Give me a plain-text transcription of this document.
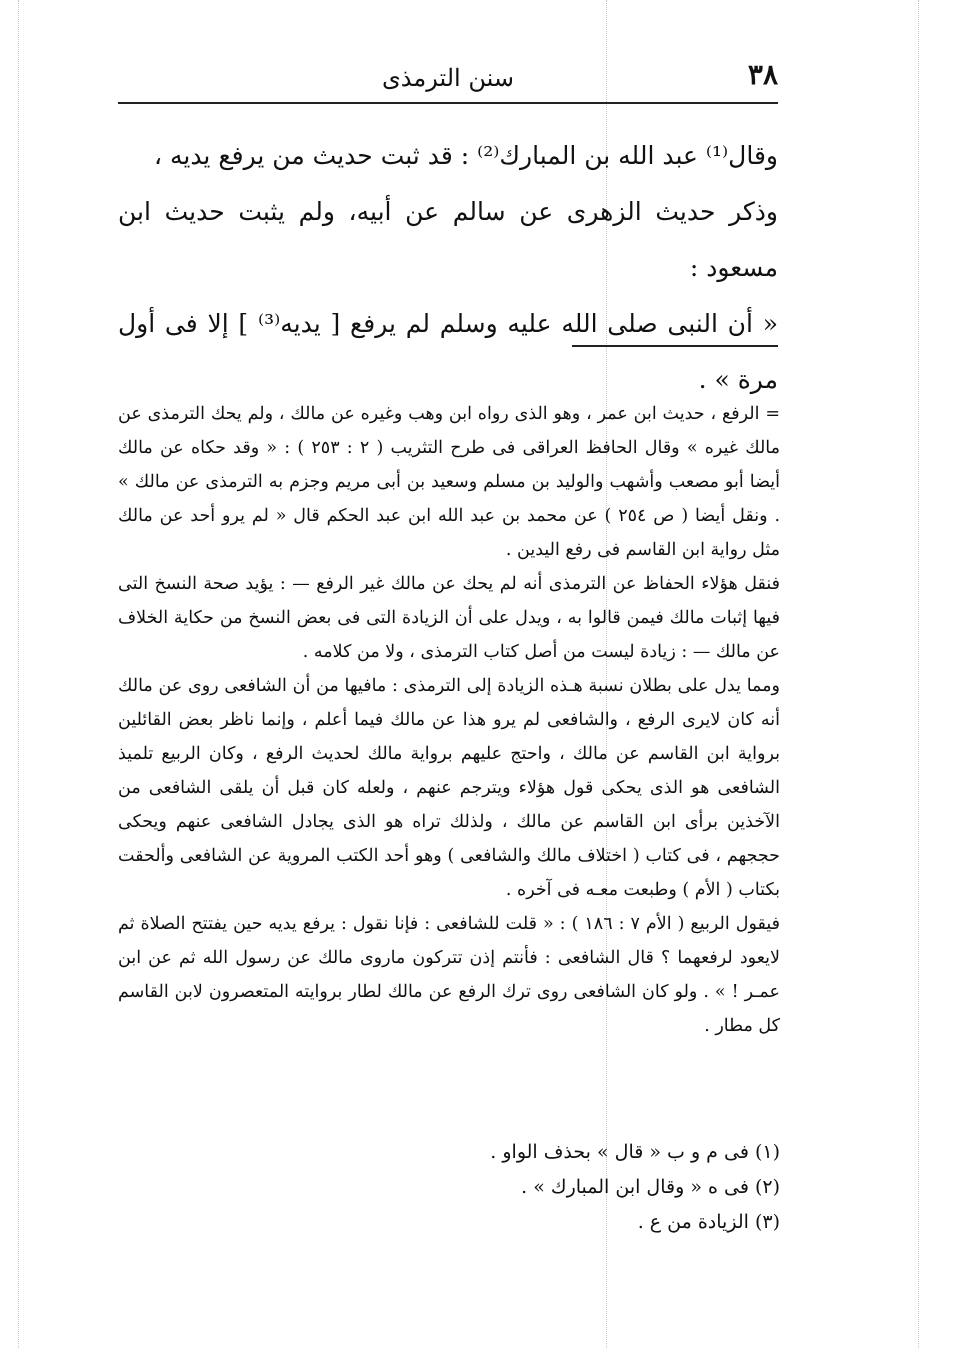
٣٨
سنن الترمذى

وقال⁽¹⁾ عبد الله بن المبارك⁽²⁾ : قد ثبت حديث من يرفع يديه ،

وذكر حديث الزهرى عن سالم عن أبيه، ولم يثبت حديث ابن مسعود :

« أن النبى صلى الله عليه وسلم لم يرفع [ يديه⁽³⁾ ] إلا فى أول مرة » .

= الرفع ، حديث ابن عمر ، وهو الذى رواه ابن وهب وغيره عن مالك ، ولم يحك الترمذى عن مالك غيره » وقال الحافظ العراقى فى طرح التثريب ( ٢ : ٢٥٣ ) : « وقد حكاه عن مالك أيضا أبو مصعب وأشهب والوليد بن مسلم وسعيد بن أبى مريم وجزم به الترمذى عن مالك » . ونقل أيضا ( ص ٢٥٤ ) عن محمد بن عبد الله ابن عبد الحكم قال « لم يرو أحد عن مالك مثل رواية ابن القاسم فى رفع اليدين .

فنقل هؤلاء الحفاظ عن الترمذى أنه لم يحك عن مالك غير الرفع — : يؤيد صحة النسخ التى فيها إثبات مالك فيمن قالوا به ، ويدل على أن الزيادة التى فى بعض النسخ من حكاية الخلاف عن مالك — : زيادة ليست من أصل كتاب الترمذى ، ولا من كلامه .

ومما يدل على بطلان نسبة هـذه الزيادة إلى الترمذى : مافيها من أن الشافعى روى عن مالك أنه كان لايرى الرفع ، والشافعى لم يرو هذا عن مالك فيما أعلم ، وإنما ناظر بعض القائلين برواية ابن القاسم عن مالك ، واحتج عليهم برواية مالك لحديث الرفع ، وكان الربيع تلميذ الشافعى هو الذى يحكى قول هؤلاء ويترجم عنهم ، ولعله كان قبل أن يلقى الشافعى من الآخذين برأى ابن القاسم عن مالك ، ولذلك تراه هو الذى يجادل الشافعى عنهم ويحكى حججهم ، فى كتاب ( اختلاف مالك والشافعى ) وهو أحد الكتب المروية عن الشافعى وألحقت بكتاب ( الأم ) وطبعت معـه فى آخره .

فيقول الربيع ( الأم ٧ : ١٨٦ ) : « قلت للشافعى : فإنا نقول : يرفع يديه حين يفتتح الصلاة ثم لايعود لرفعهما ؟ قال الشافعى : فأنتم إذن تتركون ماروى مالك عن رسول الله ثم عن ابن عمـر ! » . ولو كان الشافعى روى ترك الرفع عن مالك لطار بروايته المتعصرون لابن القاسم كل مطار .

(١) فى م و ب « قال » بحذف الواو .

(٢) فى ه « وقال ابن المبارك » .

(٣) الزيادة من ع .
